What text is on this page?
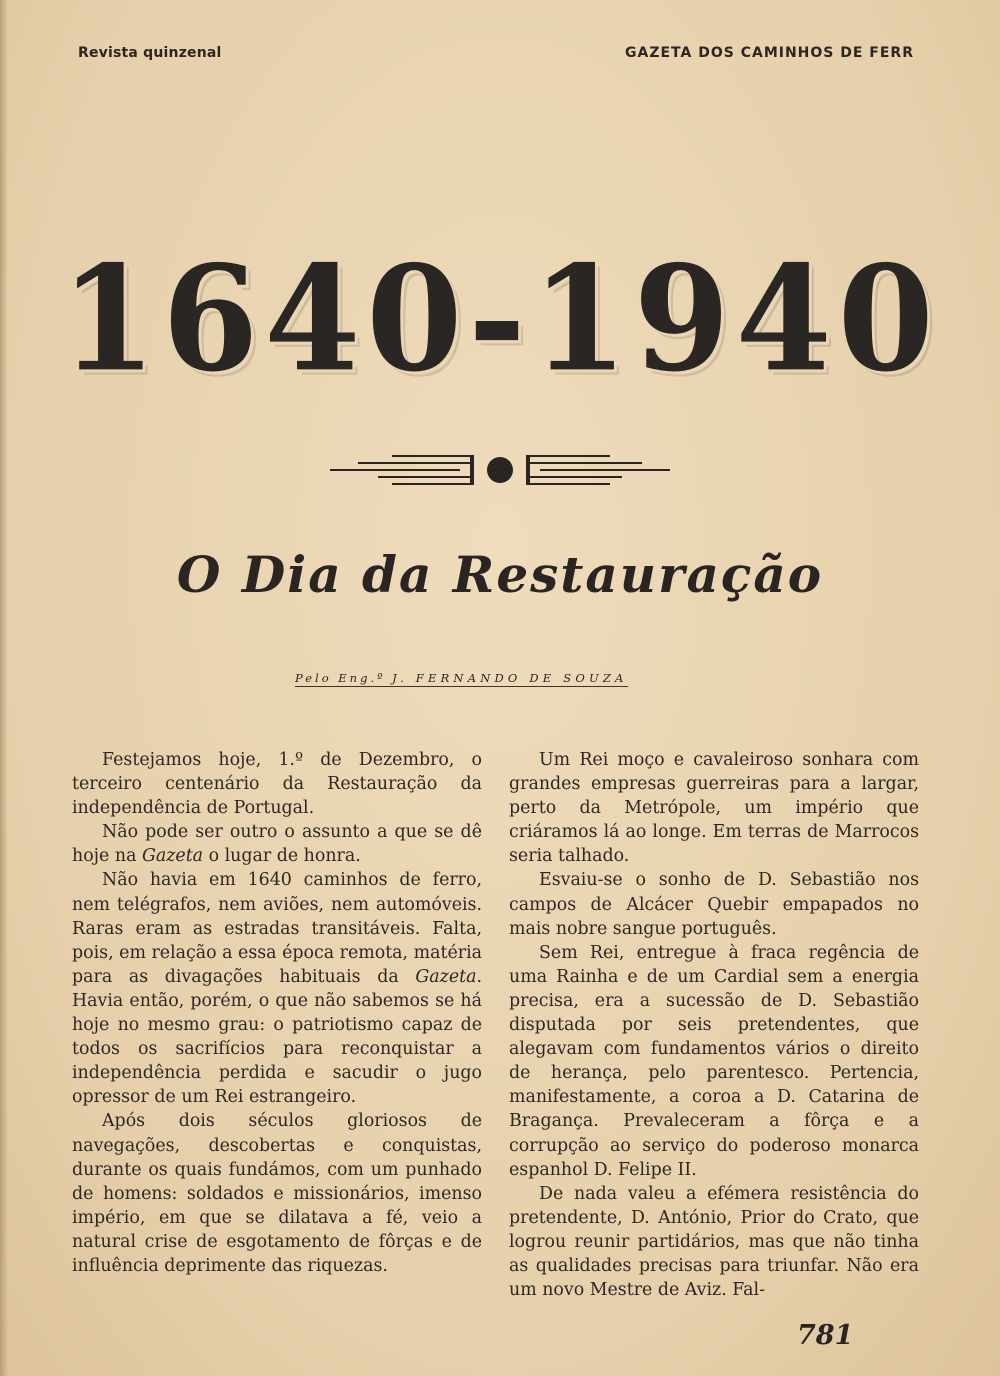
Revista quinzenal	GAZETA DOS CAMINHOS DE FERR
1640-1940
O Dia da Restauração
Pelo Eng.º J. FERNANDO DE SOUZA

Festejamos hoje, 1.º de Dezembro, o terceiro centenário da Restauração da independência de Portugal.

Não pode ser outro o assunto a que se dê hoje na Gazeta o lugar de honra.

Não havia em 1640 caminhos de ferro, nem telégrafos, nem aviões, nem automóveis. Raras eram as estradas transitáveis. Falta, pois, em relação a essa época remota, matéria para as divagações habituais da Gazeta. Havia então, porém, o que não sabemos se há hoje no mesmo grau: o patriotismo capaz de todos os sacrifícios para reconquistar a independência perdida e sacudir o jugo opressor de um Rei estrangeiro.

Após dois séculos gloriosos de navegações, descobertas e conquistas, durante os quais fundámos, com um punhado de homens: soldados e missionários, imenso império, em que se dilatava a fé, veio a natural crise de esgotamento de fôrças e de influência deprimente das riquezas.

Um Rei moço e cavaleiroso sonhara com grandes empresas guerreiras para a largar, perto da Metrópole, um império que criáramos lá ao longe. Em terras de Marrocos seria talhado.

Esvaiu-se o sonho de D. Sebastião nos campos de Alcácer Quebir empapados no mais nobre sangue português.

Sem Rei, entregue à fraca regência de uma Rainha e de um Cardial sem a energia precisa, era a sucessão de D. Sebastião disputada por seis pretendentes, que alegavam com fundamentos vários o direito de herança, pelo parentesco. Pertencia, manifestamente, a coroa a D. Catarina de Bragança. Prevaleceram a fôrça e a corrupção ao serviço do poderoso monarca espanhol D. Felipe II.

De nada valeu a efémera resistência do pretendente, D. António, Prior do Crato, que logrou reunir partidários, mas que não tinha as qualidades precisas para triunfar. Não era um novo Mestre de Aviz. Fal-

781
